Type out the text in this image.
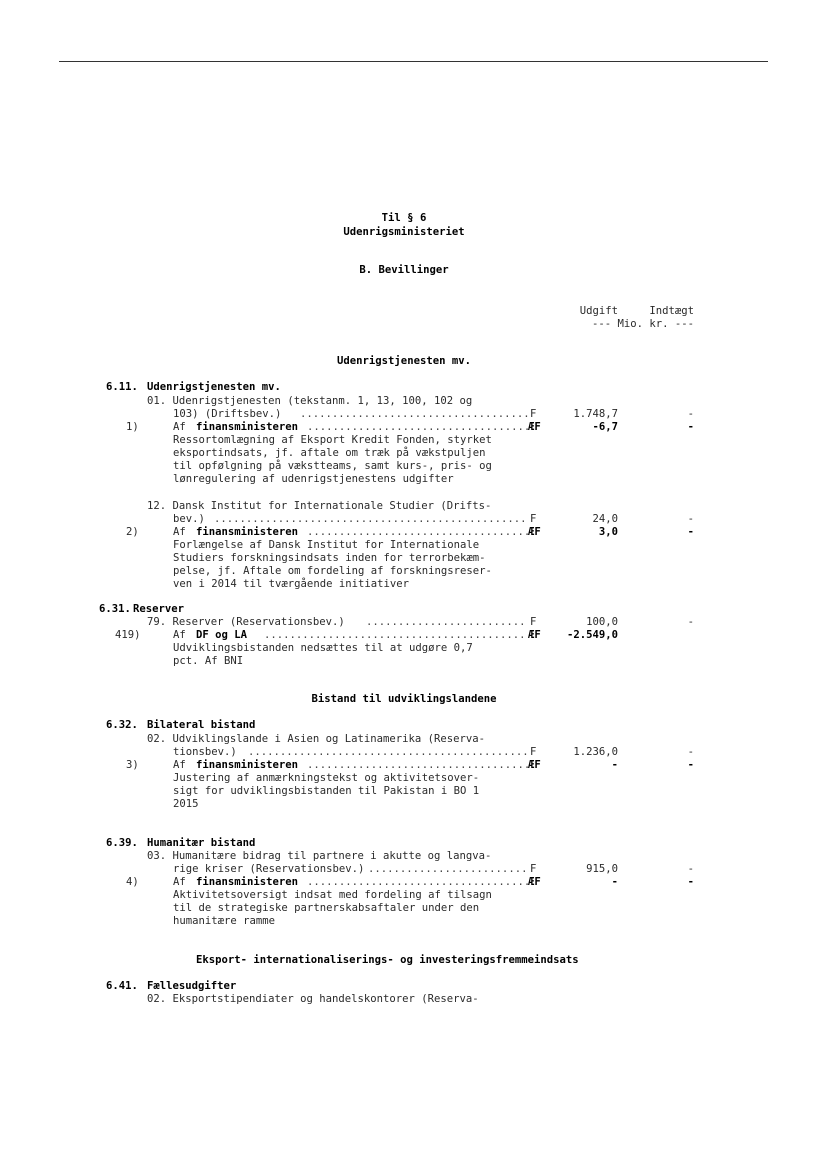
Til § 6
Udenrigsministeriet
B. Bevillinger
Udgift	Indtægt
--- Mio. kr. ---
Udenrigstjenesten mv.
6.11. Udenrigstjenesten mv.
01. Udenrigstjenesten (tekstanm. 1, 13, 100, 102 og
103) (Driftsbev.) .....	F	1.748,7	-
1)	Af finansministeren .....	ÆF	-6,7	-
Ressortomlægning af Eksport Kredit Fonden, styrket
eksportindsats, jf. aftale om træk på vækstpuljen
til opfølgning på vækstteams, samt kurs-, pris- og
lønregulering af udenrigstjenestens udgifter
12. Dansk Institut for Internationale Studier (Drifts-
bev.) .....	F	24,0	-
2)	Af finansministeren .....	ÆF	3,0	-
Forlængelse af Dansk Institut for Internationale
Studiers forskningsindsats inden for terrorbekæm-
pelse, jf. Aftale om fordeling af forskningsreser-
ven i 2014 til tværgående initiativer
6.31. Reserver
79. Reserver (Reservationsbev.) .....	F	100,0	-
419)	Af DF og LA .....	ÆF	-2.549,0
Udviklingsbistanden nedsættes til at udgøre 0,7
pct. Af BNI
Bistand til udviklingslandene
6.32. Bilateral bistand
02. Udviklingslande i Asien og Latinamerika (Reserva-
tionsbev.) .....	F	1.236,0	-
3)	Af finansministeren .....	ÆF	-	-
Justering af anmærkningstekst og aktivitetsover-
sigt for udviklingsbistanden til Pakistan i BO 1
2015
6.39. Humanitær bistand
03. Humanitære bidrag til partnere i akutte og langva-
rige kriser (Reservationsbev.) .....	F	915,0	-
4)	Af finansministeren .....	ÆF	-	-
Aktivitetsoversigt indsat med fordeling af tilsagn
til de strategiske partnerskabsaftaler under den
humanitære ramme
Eksport- internationaliserings- og investeringsfremmeindsats
6.41. Fællesudgifter
02. Eksportstipendiater og handelskontorer (Reserva-
